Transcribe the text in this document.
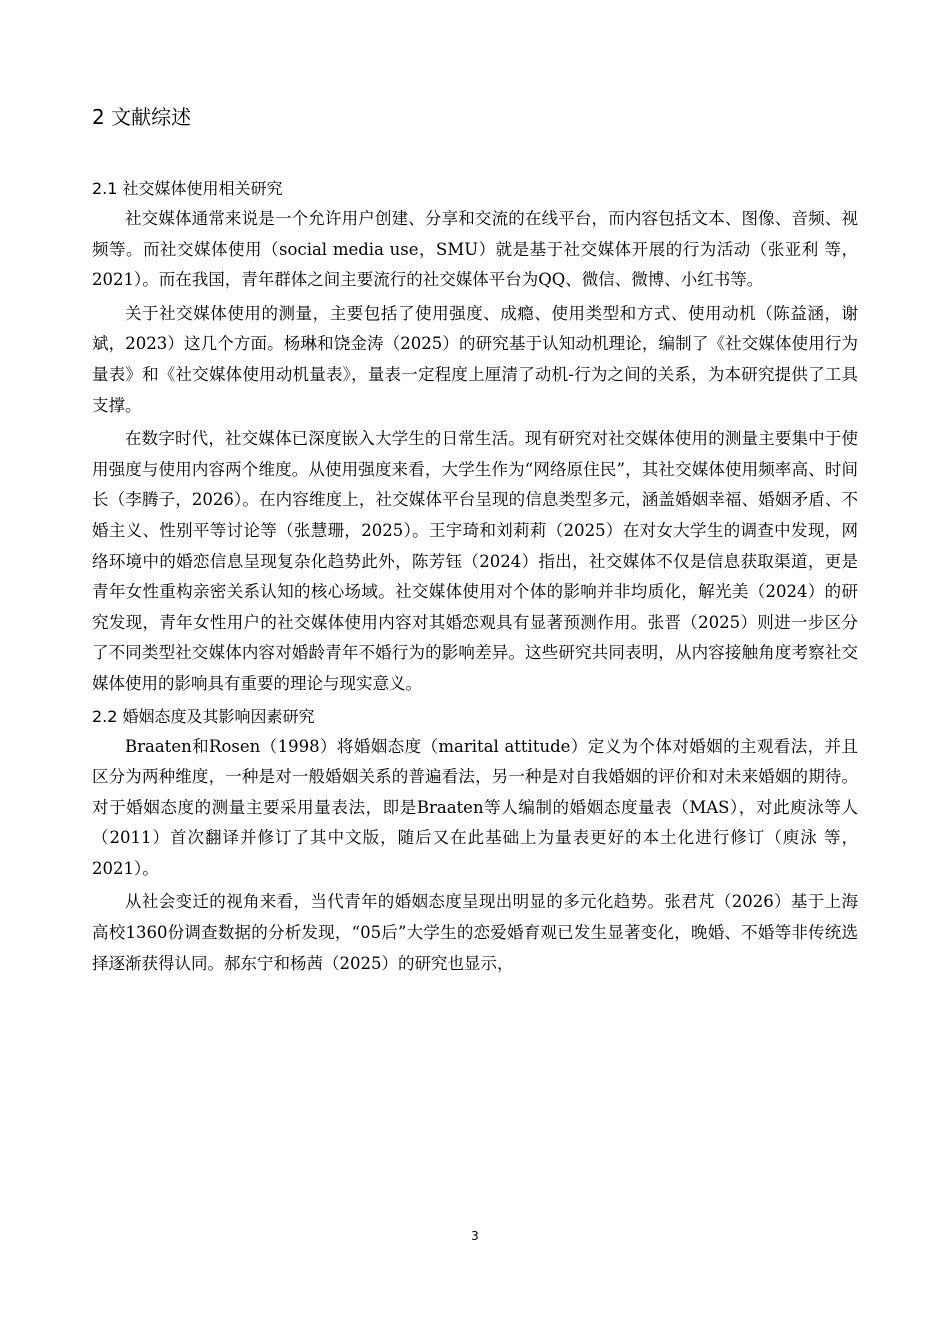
2 文献综述
2.1 社交媒体使用相关研究

社交媒体通常来说是一个允许用户创建、分享和交流的在线平台，而内容包括文本、图像、音频、视频等。而社交媒体使用（social media use，SMU）就是基于社交媒体开展的行为活动（张亚利 等，2021）。而在我国，青年群体之间主要流行的社交媒体平台为QQ、微信、微博、小红书等。

关于社交媒体使用的测量，主要包括了使用强度、成瘾、使用类型和方式、使用动机（陈益涵，谢斌，2023）这几个方面。杨琳和饶金涛（2025）的研究基于认知动机理论，编制了《社交媒体使用行为量表》和《社交媒体使用动机量表》，量表一定程度上厘清了动机-行为之间的关系，为本研究提供了工具支撑。

在数字时代，社交媒体已深度嵌入大学生的日常生活。现有研究对社交媒体使用的测量主要集中于使用强度与使用内容两个维度。从使用强度来看，大学生作为“网络原住民”，其社交媒体使用频率高、时间长（李腾子，2026）。在内容维度上，社交媒体平台呈现的信息类型多元，涵盖婚姻幸福、婚姻矛盾、不婚主义、性别平等讨论等（张慧珊，2025）。王宇琦和刘莉莉（2025）在对女大学生的调查中发现，网络环境中的婚恋信息呈现复杂化趋势此外，陈芳钰（2024）指出，社交媒体不仅是信息获取渠道，更是青年女性重构亲密关系认知的核心场域。社交媒体使用对个体的影响并非均质化，解光美（2024）的研究发现，青年女性用户的社交媒体使用内容对其婚恋观具有显著预测作用。张晋（2025）则进一步区分了不同类型社交媒体内容对婚龄青年不婚行为的影响差异。这些研究共同表明，从内容接触角度考察社交媒体使用的影响具有重要的理论与现实意义。

2.2 婚姻态度及其影响因素研究

Braaten和Rosen（1998）将婚姻态度（marital attitude）定义为个体对婚姻的主观看法，并且区分为两种维度，一种是对一般婚姻关系的普遍看法，另一种是对自我婚姻的评价和对未来婚姻的期待。对于婚姻态度的测量主要采用量表法，即是Braaten等人编制的婚姻态度量表（MAS），对此庾泳等人（2011）首次翻译并修订了其中文版，随后又在此基础上为量表更好的本土化进行修订（庾泳 等，2021）。

从社会变迁的视角来看，当代青年的婚姻态度呈现出明显的多元化趋势。张君芃（2026）基于上海高校1360份调查数据的分析发现，“05后”大学生的恋爱婚育观已发生显著变化，晚婚、不婚等非传统选择逐渐获得认同。郝东宁和杨茜（2025）的研究也显示，

3
